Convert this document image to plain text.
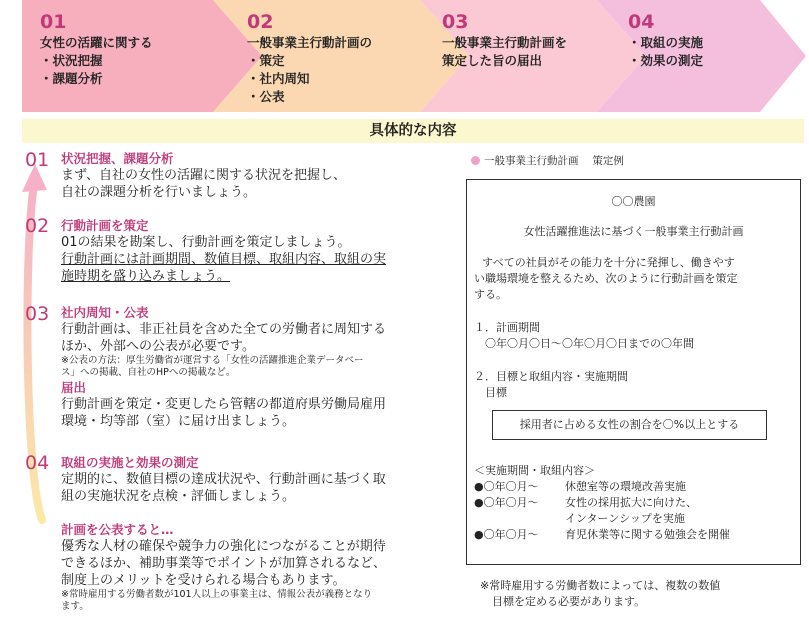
01
女性の活躍に関する
・状況把握
・課題分析
02
一般事業主行動計画の
・策定
・社内周知
・公表
03
一般事業主行動計画を
策定した旨の届出
04
・取組の実施
・効果の測定
具体的な内容
01 状況把握、課題分析
まず、自社の女性の活躍に関する状況を把握し、
自社の課題分析を行いましょう。
02 行動計画を策定
01の結果を勘案し、行動計画を策定しましょう。
行動計画には計画期間、数値目標、取組内容、取組の実
施時期を盛り込みましょう。
03 社内周知・公表
行動計画は、非正社員を含めた全ての労働者に周知する
ほか、外部への公表が必要です。
※公表の方法：厚生労働省が運営する「女性の活躍推進企業データベー
ス」への掲載、自社のHPへの掲載など。
届出
行動計画を策定・変更したら管轄の都道府県労働局雇用
環境・均等部（室）に届け出ましょう。
04 取組の実施と効果の測定
定期的に、数値目標の達成状況や、行動計画に基づく取
組の実施状況を点検・評価しましょう。
計画を公表すると…
優秀な人材の確保や競争力の強化につながることが期待
できるほか、補助事業等でポイントが加算されるなど、
制度上のメリットを受けられる場合もあります。
※常時雇用する労働者数が101人以上の事業主は、情報公表が義務となり
ます。
一般事業主行動計画　 策定例
〇〇農園
女性活躍推進法に基づく一般事業主行動計画
すべての社員がその能力を十分に発揮し、働きやす
い職場環境を整えるため、次のように行動計画を策定
する。
１．計画期間
〇年〇月〇日～〇年〇月〇日までの〇年間
２．目標と取組内容・実施期間
目標
採用者に占める女性の割合を〇%以上とする
＜実施期間・取組内容＞
●〇年〇月～ 休憩室等の環境改善実施
●〇年〇月～ 女性の採用拡大に向けた、
インターンシップを実施
●〇年〇月～ 育児休業等に関する勉強会を開催
※常時雇用する労働者数によっては、複数の数値
目標を定める必要があります。
